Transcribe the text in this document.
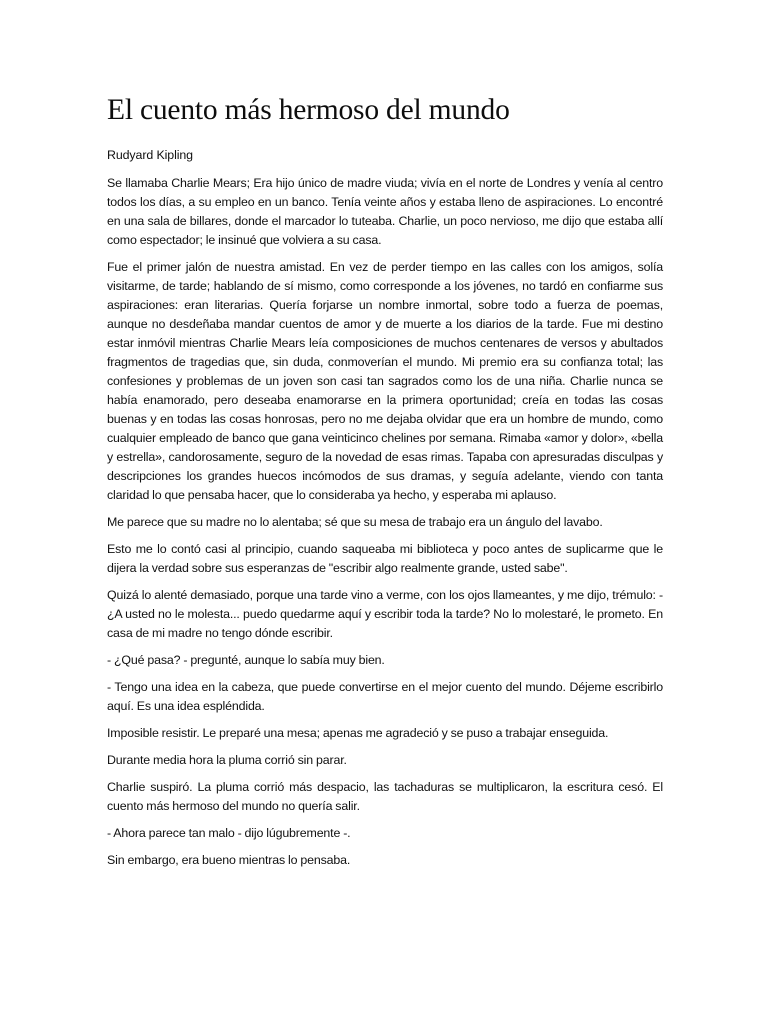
El cuento más hermoso del mundo
Rudyard Kipling

Se llamaba Charlie Mears; Era hijo único de madre viuda; vivía en el norte de Londres y venía al centro todos los días, a su empleo en un banco. Tenía veinte años y estaba lleno de aspiraciones. Lo encontré en una sala de billares, donde el marcador lo tuteaba. Charlie, un poco nervioso, me dijo que estaba allí como espectador; le insinué que volviera a su casa.

Fue el primer jalón de nuestra amistad. En vez de perder tiempo en las calles con los amigos, solía visitarme, de tarde; hablando de sí mismo, como corresponde a los jóvenes, no tardó en confiarme sus aspiraciones: eran literarias. Quería forjarse un nombre inmortal, sobre todo a fuerza de poemas, aunque no desdeñaba mandar cuentos de amor y de muerte a los diarios de la tarde. Fue mi destino estar inmóvil mientras Charlie Mears leía composiciones de muchos centenares de versos y abultados fragmentos de tragedias que, sin duda, conmoverían el mundo. Mi premio era su confianza total; las confesiones y problemas de un joven son casi tan sagrados como los de una niña. Charlie nunca se había enamorado, pero deseaba enamorarse en la primera oportunidad; creía en todas las cosas buenas y en todas las cosas honrosas, pero no me dejaba olvidar que era un hombre de mundo, como cualquier empleado de banco que gana veinticinco chelines por semana. Rimaba «amor y dolor», «bella y estrella», candorosamente, seguro de la novedad de esas rimas. Tapaba con apresuradas disculpas y descripciones los grandes huecos incómodos de sus dramas, y seguía adelante, viendo con tanta claridad lo que pensaba hacer, que lo consideraba ya hecho, y esperaba mi aplauso.

Me parece que su madre no lo alentaba; sé que su mesa de trabajo era un ángulo del lavabo.

Esto me lo contó casi al principio, cuando saqueaba mi biblioteca y poco antes de suplicarme que le dijera la verdad sobre sus esperanzas de "escribir algo realmente grande, usted sabe".

Quizá lo alenté demasiado, porque una tarde vino a verme, con los ojos llameantes, y me dijo, trémulo: - ¿A usted no le molesta... puedo quedarme aquí y escribir toda la tarde? No lo molestaré, le prometo. En casa de mi madre no tengo dónde escribir.

- ¿Qué pasa? - pregunté, aunque lo sabía muy bien.

- Tengo una idea en la cabeza, que puede convertirse en el mejor cuento del mundo. Déjeme escribirlo aquí. Es una idea espléndida.

Imposible resistir. Le preparé una mesa; apenas me agradeció y se puso a trabajar enseguida.

Durante media hora la pluma corrió sin parar.

Charlie suspiró. La pluma corrió más despacio, las tachaduras se multiplicaron, la escritura cesó. El cuento más hermoso del mundo no quería salir.

- Ahora parece tan malo - dijo lúgubremente -.

Sin embargo, era bueno mientras lo pensaba.
